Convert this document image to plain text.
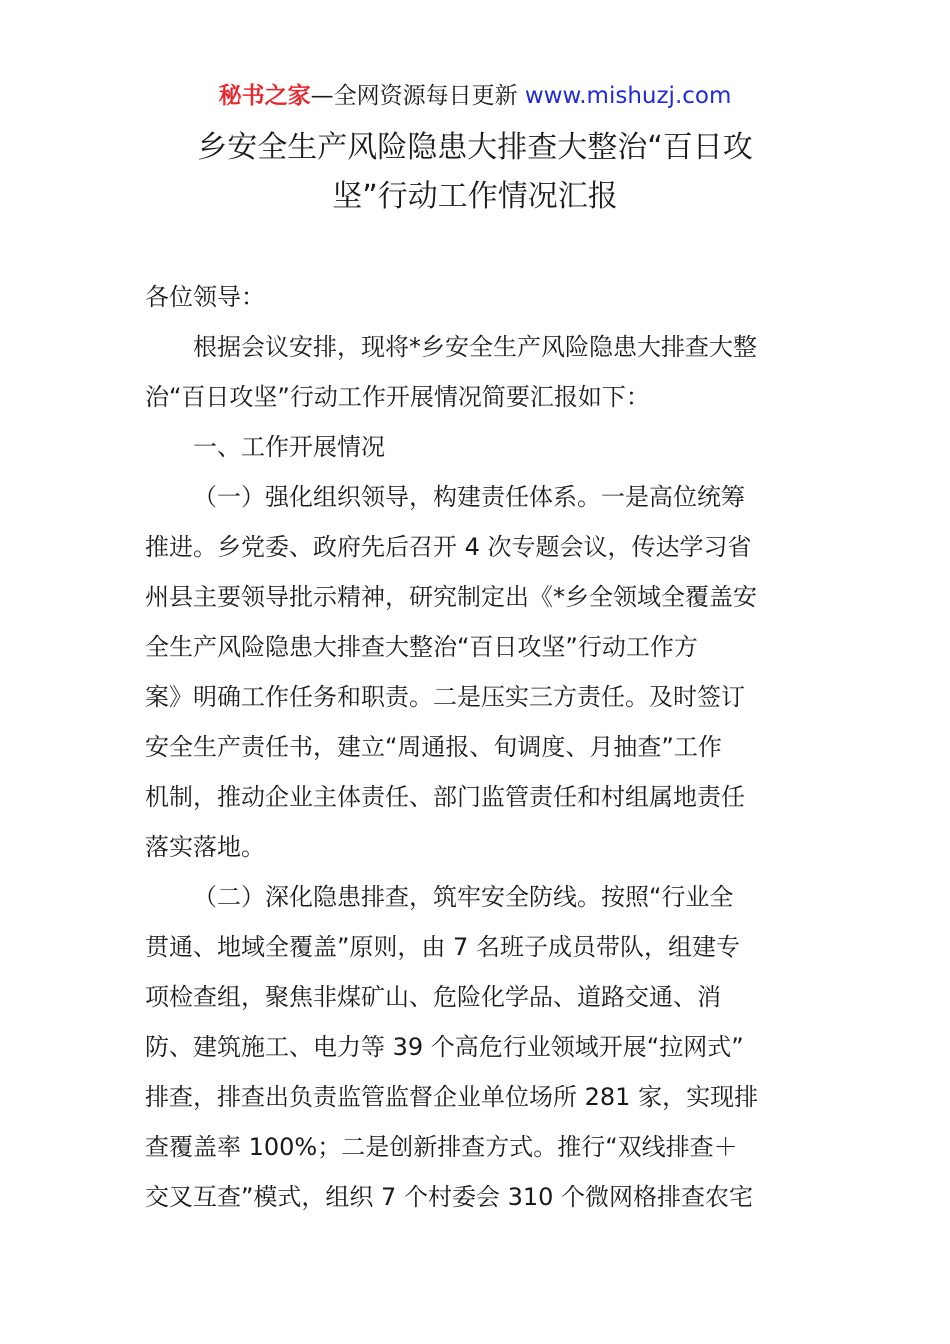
秘书之家—全网资源每日更新 www.mishuzj.com
乡安全生产风险隐患大排查大整治“百日攻
坚”行动工作情况汇报
各位领导：
根据会议安排，现将*乡安全生产风险隐患大排查大整
治“百日攻坚”行动工作开展情况简要汇报如下：
一、工作开展情况
（一）强化组织领导，构建责任体系。一是高位统筹
推进。乡党委、政府先后召开 4 次专题会议，传达学习省
州县主要领导批示精神，研究制定出《*乡全领域全覆盖安
全生产风险隐患大排查大整治“百日攻坚”行动工作方
案》明确工作任务和职责。二是压实三方责任。及时签订
安全生产责任书，建立“周通报、旬调度、月抽查”工作
机制，推动企业主体责任、部门监管责任和村组属地责任
落实落地。
（二）深化隐患排查，筑牢安全防线。按照“行业全
贯通、地域全覆盖”原则，由 7 名班子成员带队，组建专
项检查组，聚焦非煤矿山、危险化学品、道路交通、消
防、建筑施工、电力等 39 个高危行业领域开展“拉网式”
排查，排查出负责监管监督企业单位场所 281 家，实现排
查覆盖率 100%；二是创新排查方式。推行“双线排查＋
交叉互查”模式，组织 7 个村委会 310 个微网格排查农宅
